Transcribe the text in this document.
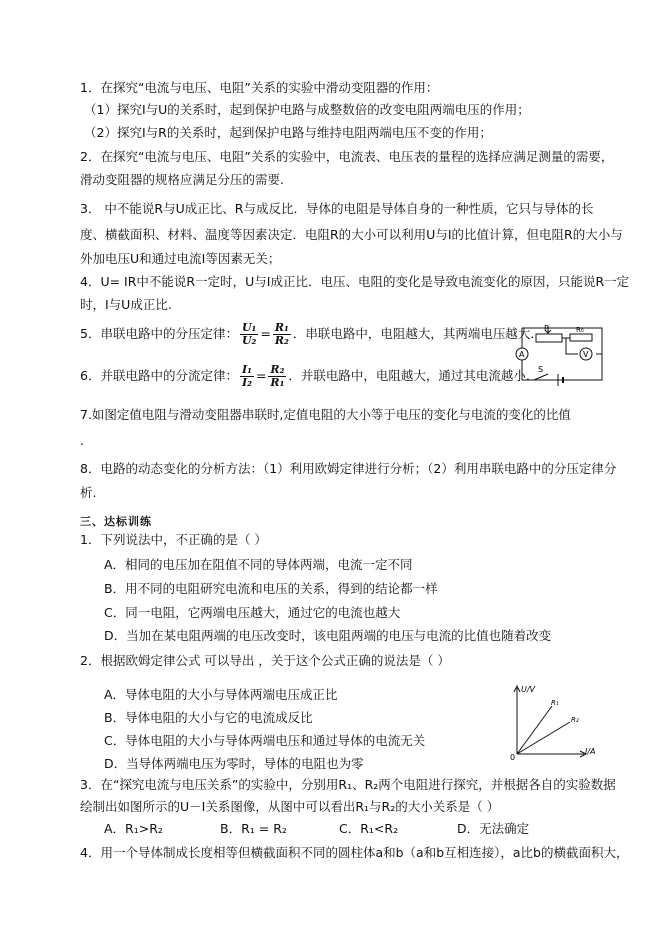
1．在探究“电流与电压、电阻”关系的实验中滑动变阻器的作用：
（1）探究I与U的关系时，起到保护电路与成整数倍的改变电阻两端电压的作用；
（2）探究I与R的关系时，起到保护电路与维持电阻两端电压不变的作用；
2．在探究“电流与电压、电阻”关系的实验中，电流表、电压表的量程的选择应满足测量的需要，
滑动变阻器的规格应满足分压的需要.
3． 中不能说R与U成正比、R与成反比．导体的电阻是导体自身的一种性质，它只与导体的长
度、横截面积、材料、温度等因素决定．电阻R的大小可以利用U与I的比值计算，但电阻R的大小与
外加电压U和通过电流I等因素无关；
4．U= IR中不能说R一定时，U与I成正比．电压、电阻的变化是导致电流变化的原因，只能说R一定
时，I与U成正比.
5．串联电路中的分压定律： $\frac{\text{U₁}}{\text{U₂}} = \frac{\text{R₁}}{\text{R₂}}$ ．串联电路中，电阻越大，其两端电压越大.
6．并联电路中的分流定律： $\frac{\text{I₁}}{\text{I₂}} = \frac{\text{R₂}}{\text{R₁}}$ ．并联电路中，电阻越大，通过其电流越小.
P	R₀
A	V
S
7.如图定值电阻与滑动变阻器串联时,定值电阻的大小等于电压的变化与电流的变化的比值
.
8．电路的动态变化的分析方法：（1）利用欧姆定律进行分析；（2）利用串联电路中的分压定律分
析.
三、达标训练
1．下列说法中，不正确的是（ ）
A．相同的电压加在阻值不同的导体两端，电流一定不同
B．用不同的电阻研究电流和电压的关系，得到的结论都一样
C．同一电阻，它两端电压越大，通过它的电流也越大
D．当加在某电阻两端的电压改变时，该电阻两端的电压与电流的比值也随着改变
2．根据欧姆定律公式 可以导出 ，关于这个公式正确的说法是（ ）
A．导体电阻的大小与导体两端电压成正比
B．导体电阻的大小与它的电流成反比
C．导体电阻的大小与导体两端电压和通过导体的电流无关
D．当导体两端电压为零时，导体的电阻也为零
U/V
I/A
0
R₁
R₂
3．在“探究电流与电压关系”的实验中，分别用R₁、R₂两个电阻进行探究，并根据各自的实验数据
绘制出如图所示的U－I关系图像，从图中可以看出R₁与R₂的大小关系是（ ）
A．R₁>R₂	B．R₁ = R₂	C．R₁<R₂	D．无法确定
4．用一个导体制成长度相等但横截面积不同的圆柱体a和b（a和b互相连接），a比b的横截面积大，
